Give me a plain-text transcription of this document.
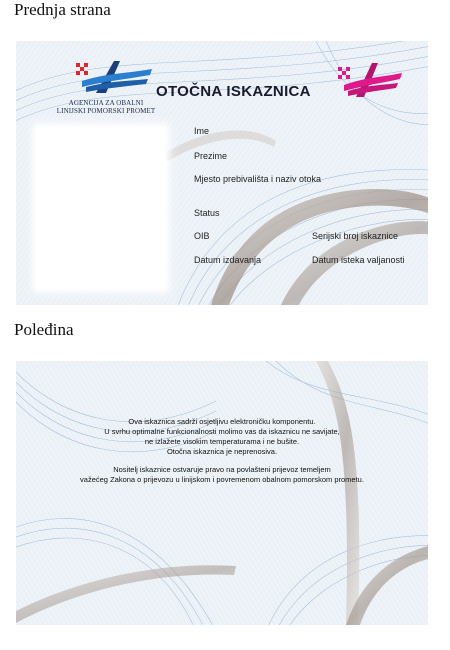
Prednja strana
AGENCIJA ZA OBALNI
LINIJSKI POMORSKI PROMET
OTOČNA ISKAZNICA
Ime
Prezime
Mjesto prebivališta i naziv otoka
Status
OIB	Serijski broj iskaznice
Datum izdavanja	Datum isteka valjanosti
Poleđina
Ova iskaznica sadrži osjetljivu elektroničku komponentu.
U svrhu optimalne funkcionalnosti molimo vas da iskaznicu ne savijate,
ne izlažete visokim temperaturama i ne bušite.
Otočna iskaznica je neprenosiva.
Nositelj iskaznice ostvaruje pravo na povlašteni prijevoz temeljem
važećeg Zakona o prijevozu u linijskom i povremenom obalnom pomorskom prometu.
